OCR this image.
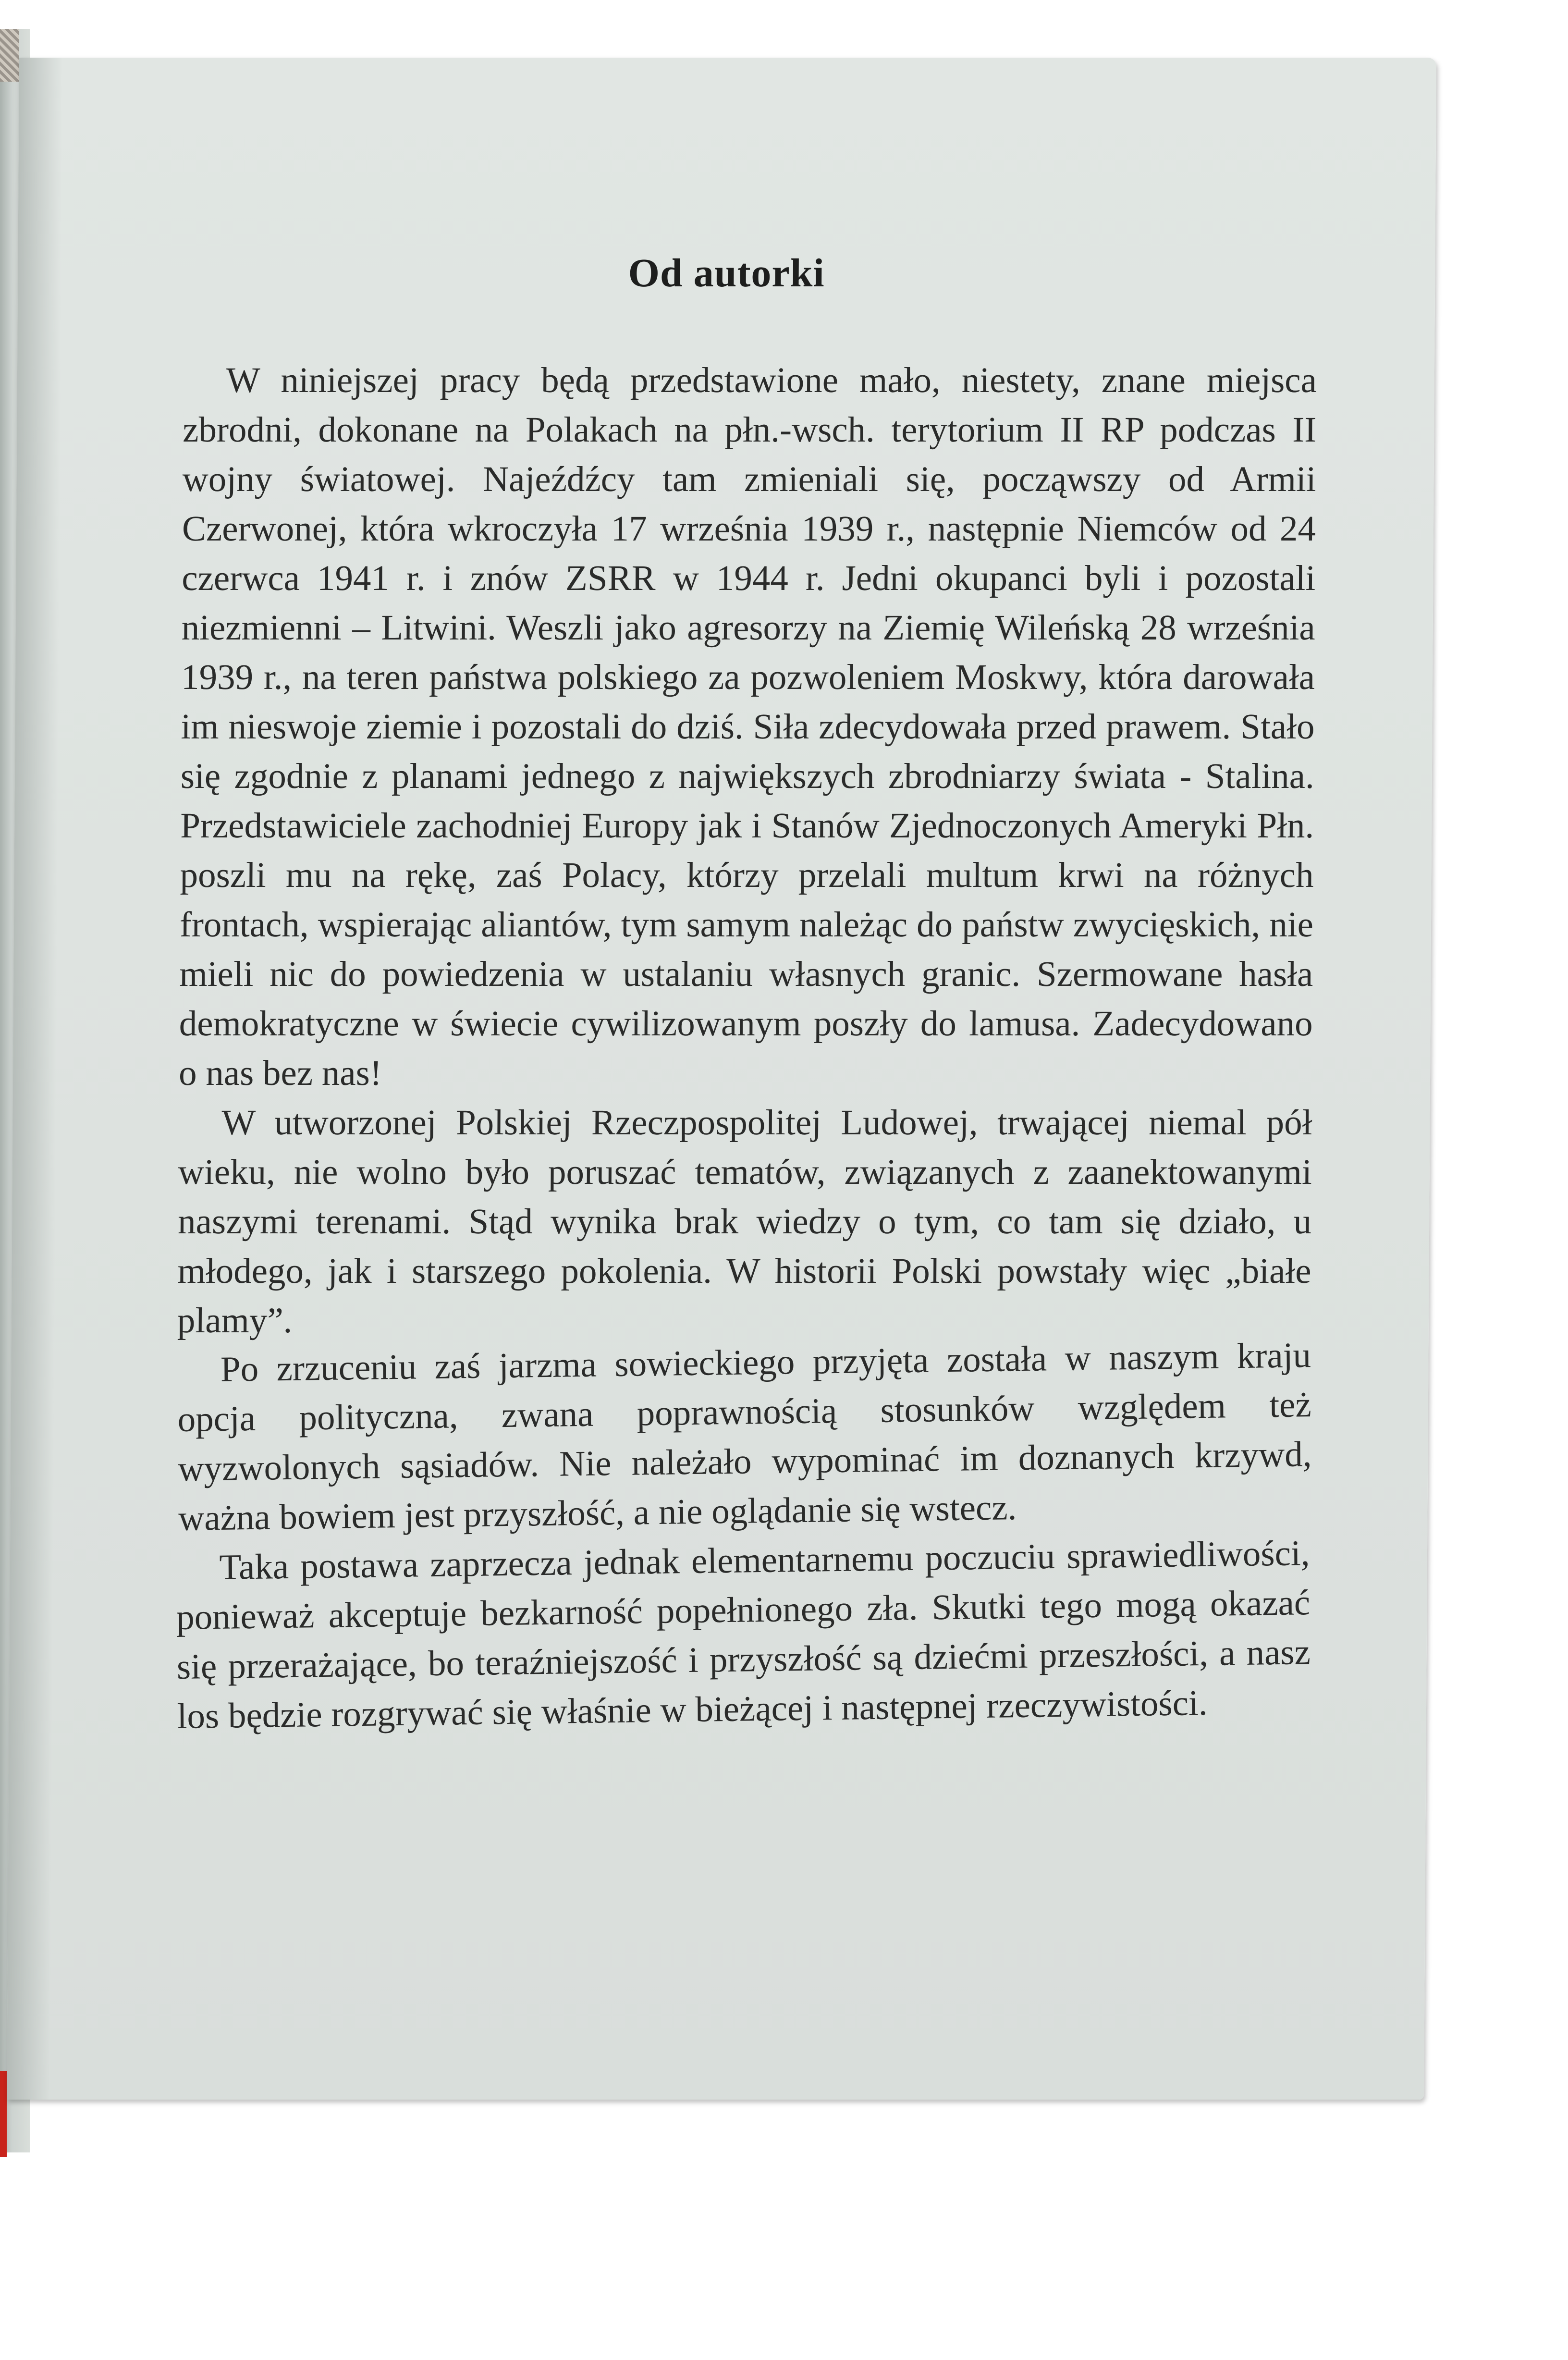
Od autorki

W niniejszej pracy będą przedstawione mało, niestety, znane miejsca zbrodni, dokonane na Polakach na płn.-wsch. terytorium II RP podczas II wojny światowej. Najeźdźcy tam zmieniali się, począwszy od Armii Czerwonej, która wkroczyła 17 września 1939 r., następnie Niemców od 24 czerwca 1941 r. i znów ZSRR w 1944 r. Jedni okupanci byli i pozostali niezmienni – Litwini. Weszli jako agresorzy na Ziemię Wileńską 28 września 1939 r., na teren państwa polskiego za pozwoleniem Moskwy, która darowała im nieswoje ziemie i pozostali do dziś. Siła zdecydowała przed prawem. Stało się zgodnie z planami jednego z największych zbrodniarzy świata - Stalina. Przedstawiciele zachodniej Europy jak i Stanów Zjednoczonych Ameryki Płn. poszli mu na rękę, zaś Polacy, którzy przelali multum krwi na różnych frontach, wspierając aliantów, tym samym należąc do państw zwycięskich, nie mieli nic do powiedzenia w ustalaniu własnych granic. Szermowane hasła demokratyczne w świecie cywilizowanym poszły do lamusa. Zadecydowano o nas bez nas!

W utworzonej Polskiej Rzeczpospolitej Ludowej, trwającej niemal pół wieku, nie wolno było poruszać tematów, związanych z zaanektowanymi naszymi terenami. Stąd wynika brak wiedzy o tym, co tam się działo, u młodego, jak i starszego pokolenia. W historii Polski powstały więc „białe plamy”.

Po zrzuceniu zaś jarzma sowieckiego przyjęta została w naszym kraju opcja polityczna, zwana poprawnością stosunków względem też wyzwolonych sąsiadów. Nie należało wypominać im doznanych krzywd, ważna bowiem jest przyszłość, a nie oglądanie się wstecz.

Taka postawa zaprzecza jednak elementarnemu poczuciu sprawiedliwości, ponieważ akceptuje bezkarność popełnionego zła. Skutki tego mogą okazać się przerażające, bo teraźniejszość i przyszłość są dziećmi przeszłości, a nasz los będzie rozgrywać się właśnie w bieżącej i następnej rzeczywistości.
